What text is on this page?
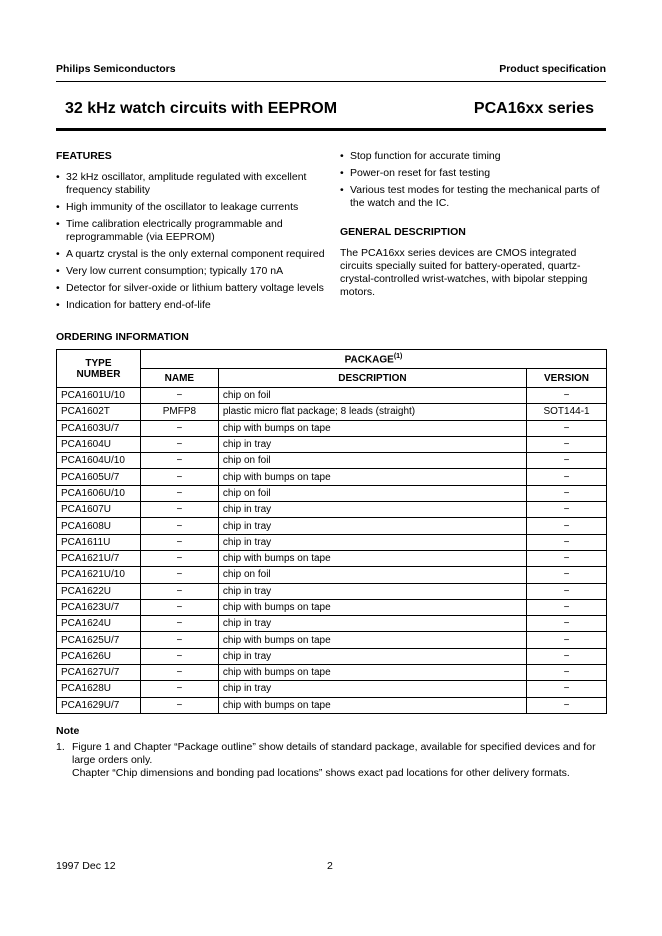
Philips Semiconductors	Product specification
32 kHz watch circuits with EEPROM	PCA16xx series
FEATURES
• 32 kHz oscillator, amplitude regulated with excellent frequency stability
• High immunity of the oscillator to leakage currents
• Time calibration electrically programmable and reprogrammable (via EEPROM)
• A quartz crystal is the only external component required
• Very low current consumption; typically 170 nA
• Detector for silver-oxide or lithium battery voltage levels
• Indication for battery end-of-life
• Stop function for accurate timing
• Power-on reset for fast testing
• Various test modes for testing the mechanical parts of the watch and the IC.
GENERAL DESCRIPTION

The PCA16xx series devices are CMOS integrated circuits specially suited for battery-operated, quartz-crystal-controlled wrist-watches, with bipolar stepping motors.

ORDERING INFORMATION
TYPE NUMBER	PACKAGE$^{(1)}$
	NAME	DESCRIPTION	VERSION
PCA1601U/10	−	chip on foil	−
PCA1602T	PMFP8	plastic micro flat package; 8 leads (straight)	SOT144-1
PCA1603U/7	−	chip with bumps on tape	−
PCA1604U	−	chip in tray	−
PCA1604U/10	−	chip on foil	−
PCA1605U/7	−	chip with bumps on tape	−
PCA1606U/10	−	chip on foil	−
PCA1607U	−	chip in tray	−
PCA1608U	−	chip in tray	−
PCA1611U	−	chip in tray	−
PCA1621U/7	−	chip with bumps on tape	−
PCA1621U/10	−	chip on foil	−
PCA1622U	−	chip in tray	−
PCA1623U/7	−	chip with bumps on tape	−
PCA1624U	−	chip in tray	−
PCA1625U/7	−	chip with bumps on tape	−
PCA1626U	−	chip in tray	−
PCA1627U/7	−	chip with bumps on tape	−
PCA1628U	−	chip in tray	−
PCA1629U/7	−	chip with bumps on tape	−
Note
1. Figure 1 and Chapter “Package outline” show details of standard package, available for specified devices and for large orders only.
Chapter “Chip dimensions and bonding pad locations” shows exact pad locations for other delivery formats.
1997 Dec 12	2
